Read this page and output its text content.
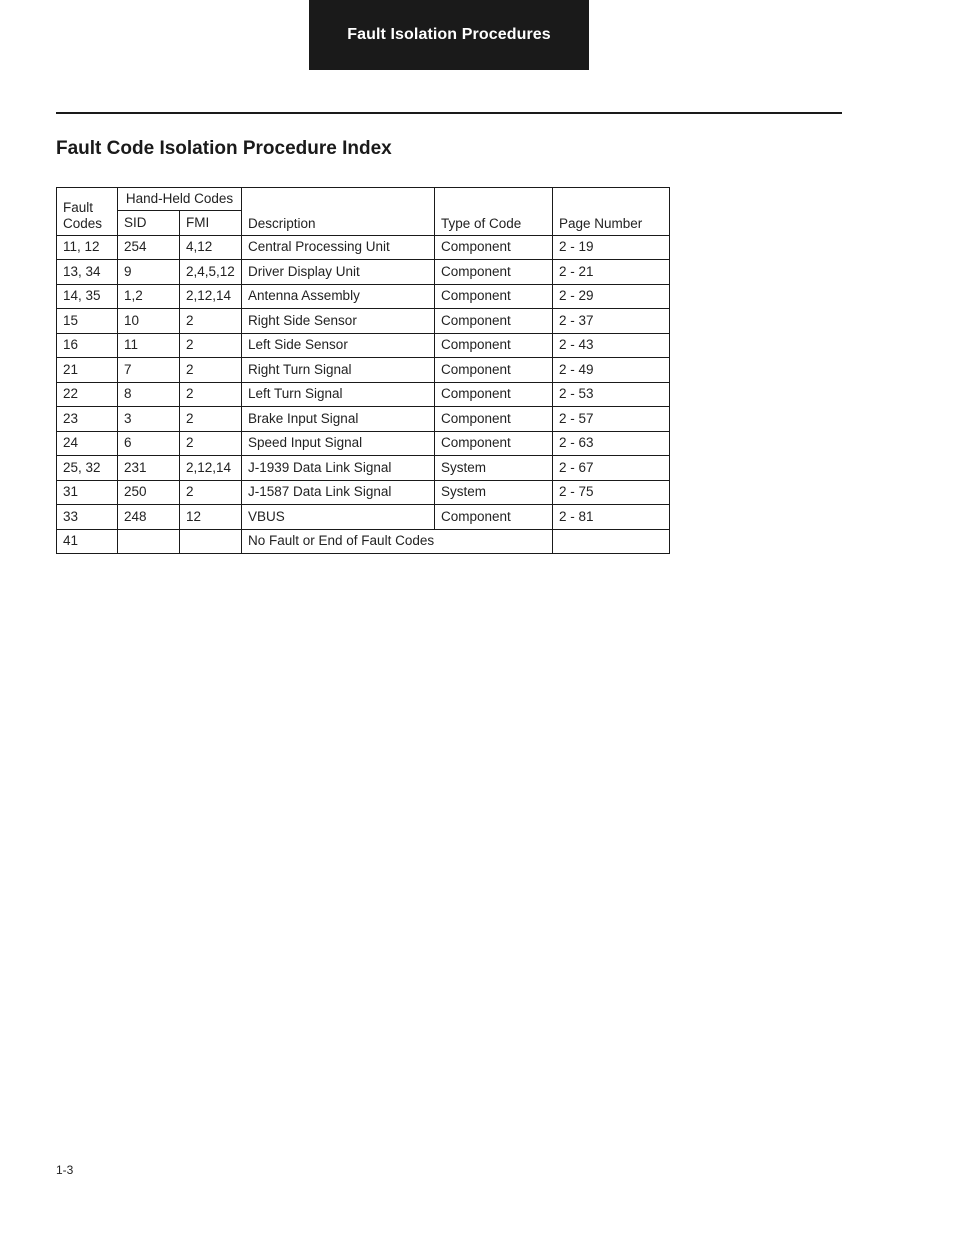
Fault Isolation Procedures
Fault Code Isolation Procedure Index
Fault
Codes	Hand-Held Codes		Description	Type of Code	Page Number
	SID	FMI			
11, 12	254	4,12	Central Processing Unit	Component	2 - 19
13, 34	9	2,4,5,12	Driver Display Unit	Component	2 - 21
14, 35	1,2	2,12,14	Antenna Assembly	Component	2 - 29
15	10	2	Right Side Sensor	Component	2 - 37
16	11	2	Left Side Sensor	Component	2 - 43
21	7	2	Right Turn Signal	Component	2 - 49
22	8	2	Left Turn Signal	Component	2 - 53
23	3	2	Brake Input Signal	Component	2 - 57
24	6	2	Speed Input Signal	Component	2 - 63
25, 32	231	2,12,14	J-1939 Data Link Signal	System	2 - 67
31	250	2	J-1587 Data Link Signal	System	2 - 75
33	248	12	VBUS	Component	2 - 81
41			No Fault or End of Fault Codes		
1-3
